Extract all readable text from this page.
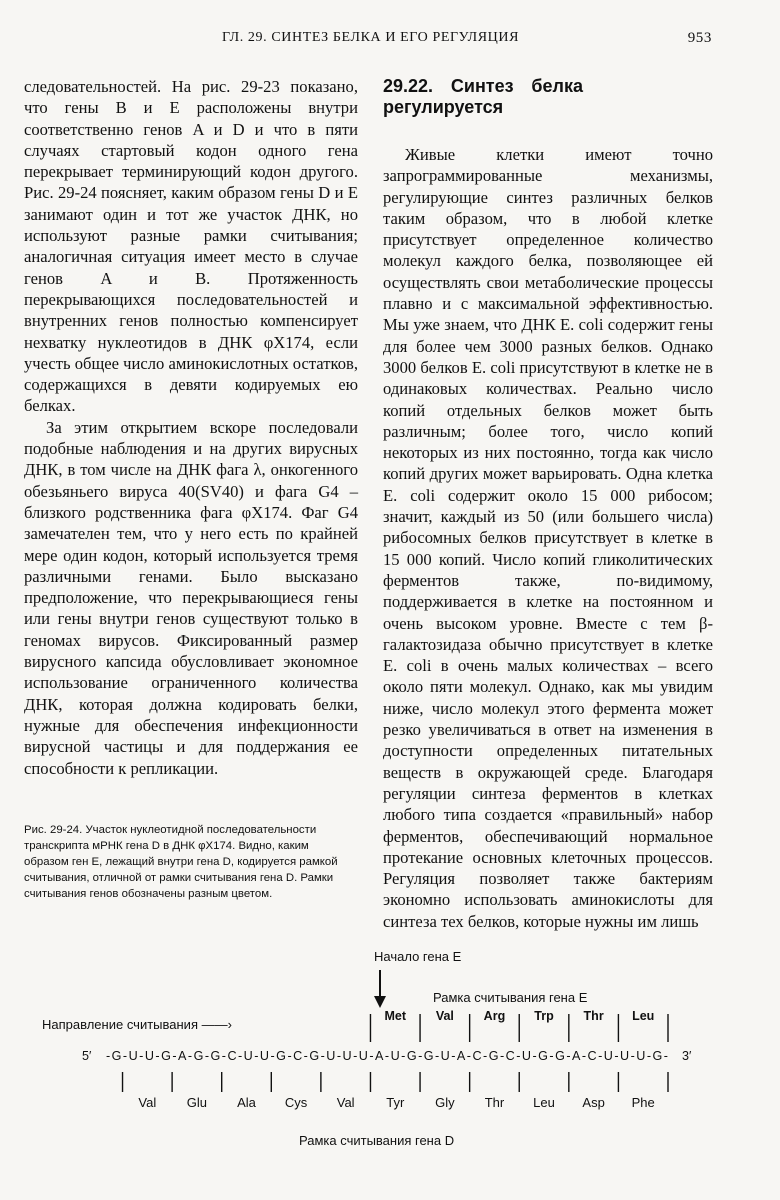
ГЛ. 29. СИНТЕЗ БЕЛКА И ЕГО РЕГУЛЯЦИЯ	953

следовательностей. На рис. 29-23 показано, что гены B и E расположены внутри соответственно генов A и D и что в пяти случаях стартовый кодон одного гена перекрывает терминирующий кодон другого. Рис. 29-24 поясняет, каким образом гены D и E занимают один и тот же участок ДНК, но используют разные рамки считывания; аналогичная ситуация имеет место в случае генов A и B. Протяженность перекрывающихся последовательностей и внутренних генов полностью компенсирует нехватку нуклеотидов в ДНК φX174, если учесть общее число аминокислотных остатков, содержащихся в девяти кодируемых ею белках.

За этим открытием вскоре последовали подобные наблюдения и на других вирусных ДНК, в том числе на ДНК фага λ, онкогенного обезьяньего вируса 40(SV40) и фага G4 – близкого родственника фага φX174. Фаг G4 замечателен тем, что у него есть по крайней мере один кодон, который используется тремя различными генами. Было высказано предположение, что перекрывающиеся гены или гены внутри генов существуют только в геномах вирусов. Фиксированный размер вирусного капсида обусловливает экономное использование ограниченного количества ДНК, которая должна кодировать белки, нужные для обеспечения инфекционности вирусной частицы и для поддержания ее способности к репликации.

Рис. 29-24. Участок нуклеотидной последовательности транскрипта мРНК гена D в ДНК φX174. Видно, каким образом ген E, лежащий внутри гена D, кодируется рамкой считывания, отличной от рамки считывания гена D. Рамки считывания генов обозначены разным цветом.
29.22. Синтез белка регулируется

Живые клетки имеют точно запрограммированные механизмы, регулирующие синтез различных белков таким образом, что в любой клетке присутствует определенное количество молекул каждого белка, позволяющее ей осуществлять свои метаболические процессы плавно и с максимальной эффективностью. Мы уже знаем, что ДНК E. coli содержит гены для более чем 3000 разных белков. Однако 3000 белков E. coli присутствуют в клетке не в одинаковых количествах. Реально число копий отдельных белков может быть различным; более того, число копий некоторых из них постоянно, тогда как число копий других может варьировать. Одна клетка E. coli содержит около 15 000 рибосом; значит, каждый из 50 (или большего числа) рибосомных белков присутствует в клетке в 15 000 копий. Число копий гликолитических ферментов также, по-видимому, поддерживается в клетке на постоянном и очень высоком уровне. Вместе с тем β-галактозидаза обычно присутствует в клетке E. coli в очень малых количествах – всего около пяти молекул. Однако, как мы увидим ниже, число молекул этого фермента может резко увеличиваться в ответ на изменения в доступности определенных питательных веществ в окружающей среде. Благодаря регуляции синтеза ферментов в клетках любого типа создается «правильный» набор ферментов, обеспечивающий нормальное протекание основных клеточных процессов. Регуляция позволяет также бактериям экономно использовать аминокислоты для синтеза тех белков, которые нужны им лишь

Начало гена E
Рамка считывания гена E
Направление считывания ——›
Met Val Arg Trp Thr Leu
5′ -G-U-U-G-A-G-G-C-U-U-G-C-G-U-U-U-A-U-G-G-U-A-C-G-C-U-G-G-A-C-U-U-U-G- 3′
Val Glu Ala Cys Val Tyr Gly Thr Leu Asp Phe
Рамка считывания гена D
